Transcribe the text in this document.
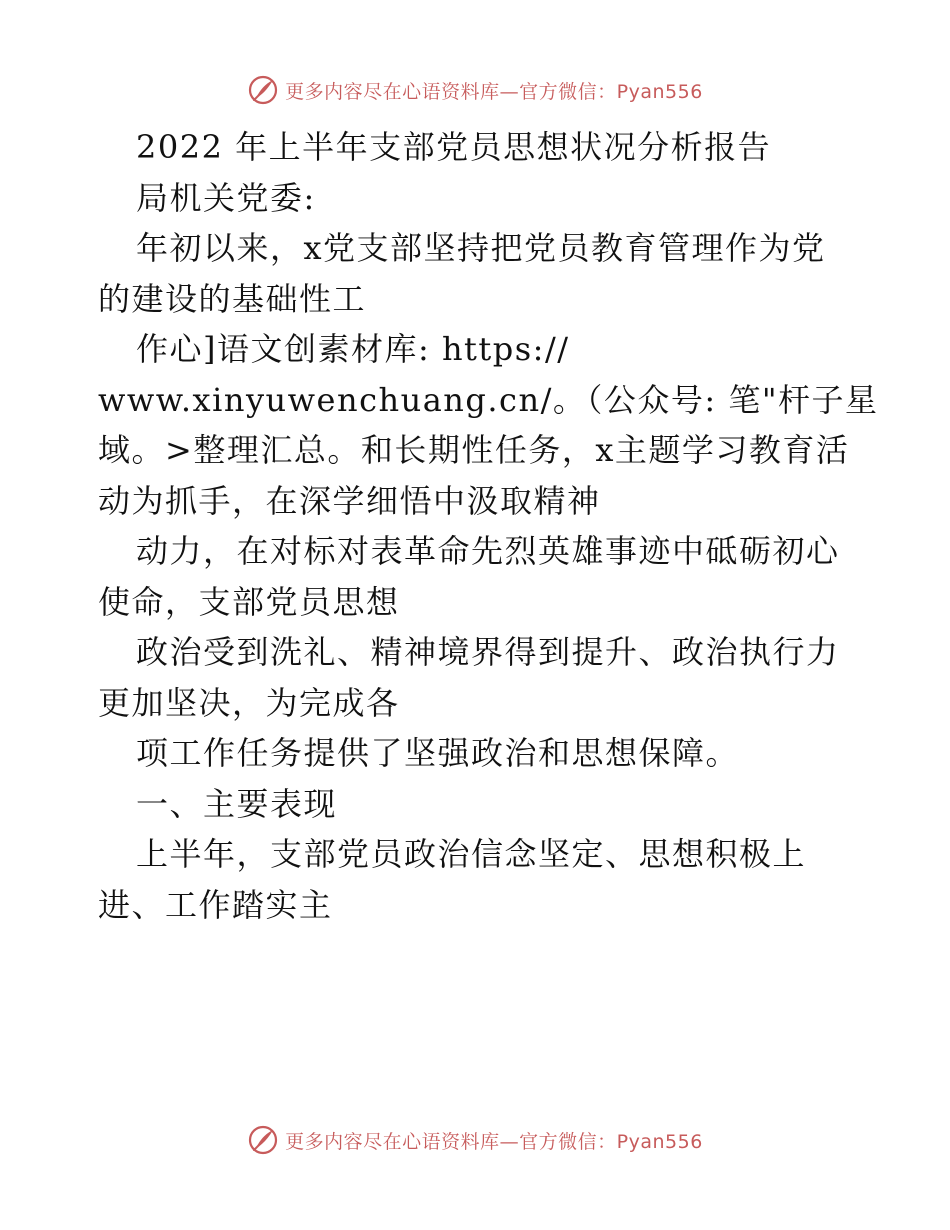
更多内容尽在心语资料库—官方微信：Pyan556
2022 年上半年支部党员思想状况分析报告
局机关党委:
年初以来，x党支部坚持把党员教育管理作为党
的建设的基础性工
作心]语文创素材库: https://
www.xinyuwenchuang.cn/。（公众号: 笔"杆子星
域。>整理汇总。和长期性任务，x主题学习教育活
动为抓手，在深学细悟中汲取精神
动力，在对标对表革命先烈英雄事迹中砥砺初心
使命，支部党员思想
政治受到洗礼、精神境界得到提升、政治执行力
更加坚决，为完成各
项工作任务提供了坚强政治和思想保障。
一、主要表现
上半年，支部党员政治信念坚定、思想积极上
进、工作踏实主
更多内容尽在心语资料库—官方微信：Pyan556
